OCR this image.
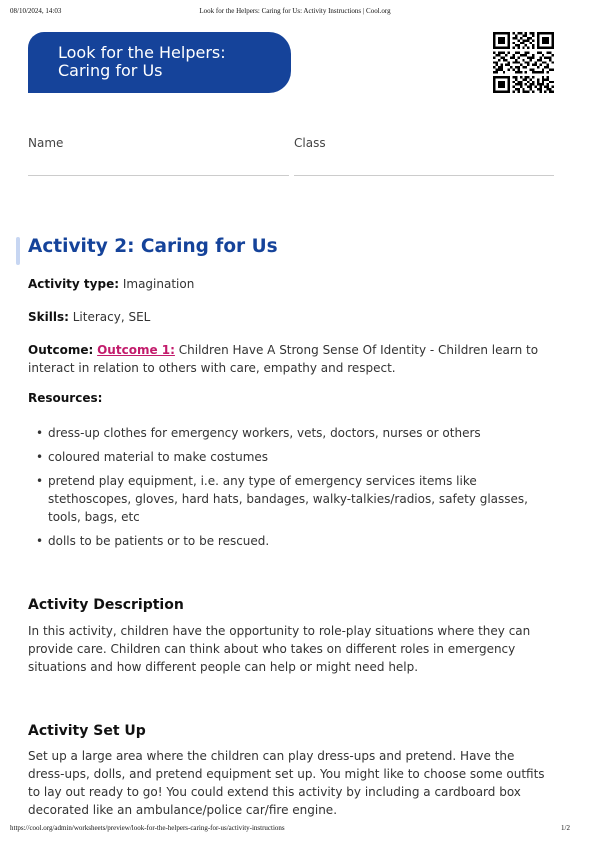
08/10/2024, 14:03	Look for the Helpers: Caring for Us: Activity Instructions | Cool.org
Look for the Helpers:
Caring for Us
Name	Class
Activity 2: Caring for Us
Activity type: Imagination
Skills: Literacy, SEL
Outcome: Outcome 1: Children Have A Strong Sense Of Identity - Children learn to
interact in relation to others with care, empathy and respect.
Resources:
• dress-up clothes for emergency workers, vets, doctors, nurses or others
• coloured material to make costumes
• pretend play equipment, i.e. any type of emergency services items like
stethoscopes, gloves, hard hats, bandages, walky-talkies/radios, safety glasses,
tools, bags, etc
• dolls to be patients or to be rescued.
Activity Description
In this activity, children have the opportunity to role-play situations where they can
provide care. Children can think about who takes on different roles in emergency
situations and how different people can help or might need help.
Activity Set Up
Set up a large area where the children can play dress-ups and pretend. Have the
dress-ups, dolls, and pretend equipment set up. You might like to choose some outfits
to lay out ready to go! You could extend this activity by including a cardboard box
decorated like an ambulance/police car/fire engine.
https://cool.org/admin/worksheets/preview/look-for-the-helpers-caring-for-us/activity-instructions	1/2
